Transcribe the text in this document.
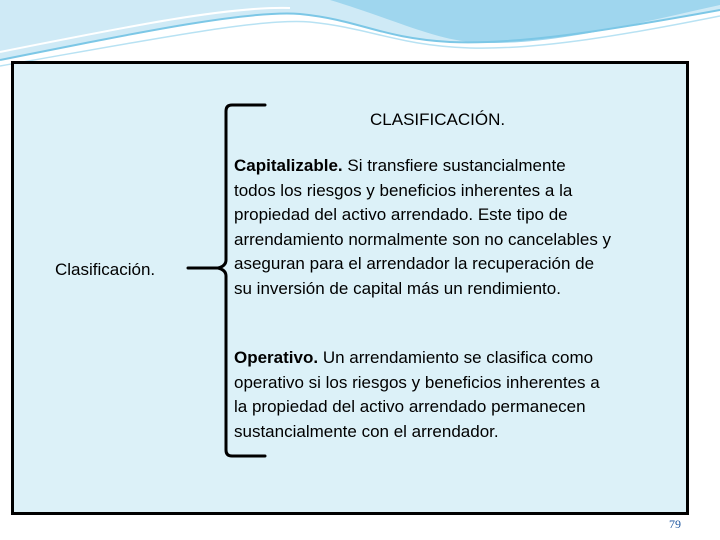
CLASIFICACIÓN.
Clasificación.
Capitalizable. Si transfiere sustancialmente
todos los riesgos y beneficios inherentes a la
propiedad del activo arrendado. Este tipo de
arrendamiento normalmente son no cancelables y
aseguran para el arrendador la recuperación de
su inversión de capital más un rendimiento.
Operativo. Un arrendamiento se clasifica como
operativo si los riesgos y beneficios inherentes a
la propiedad del activo arrendado permanecen
sustancialmente con el arrendador.
79
